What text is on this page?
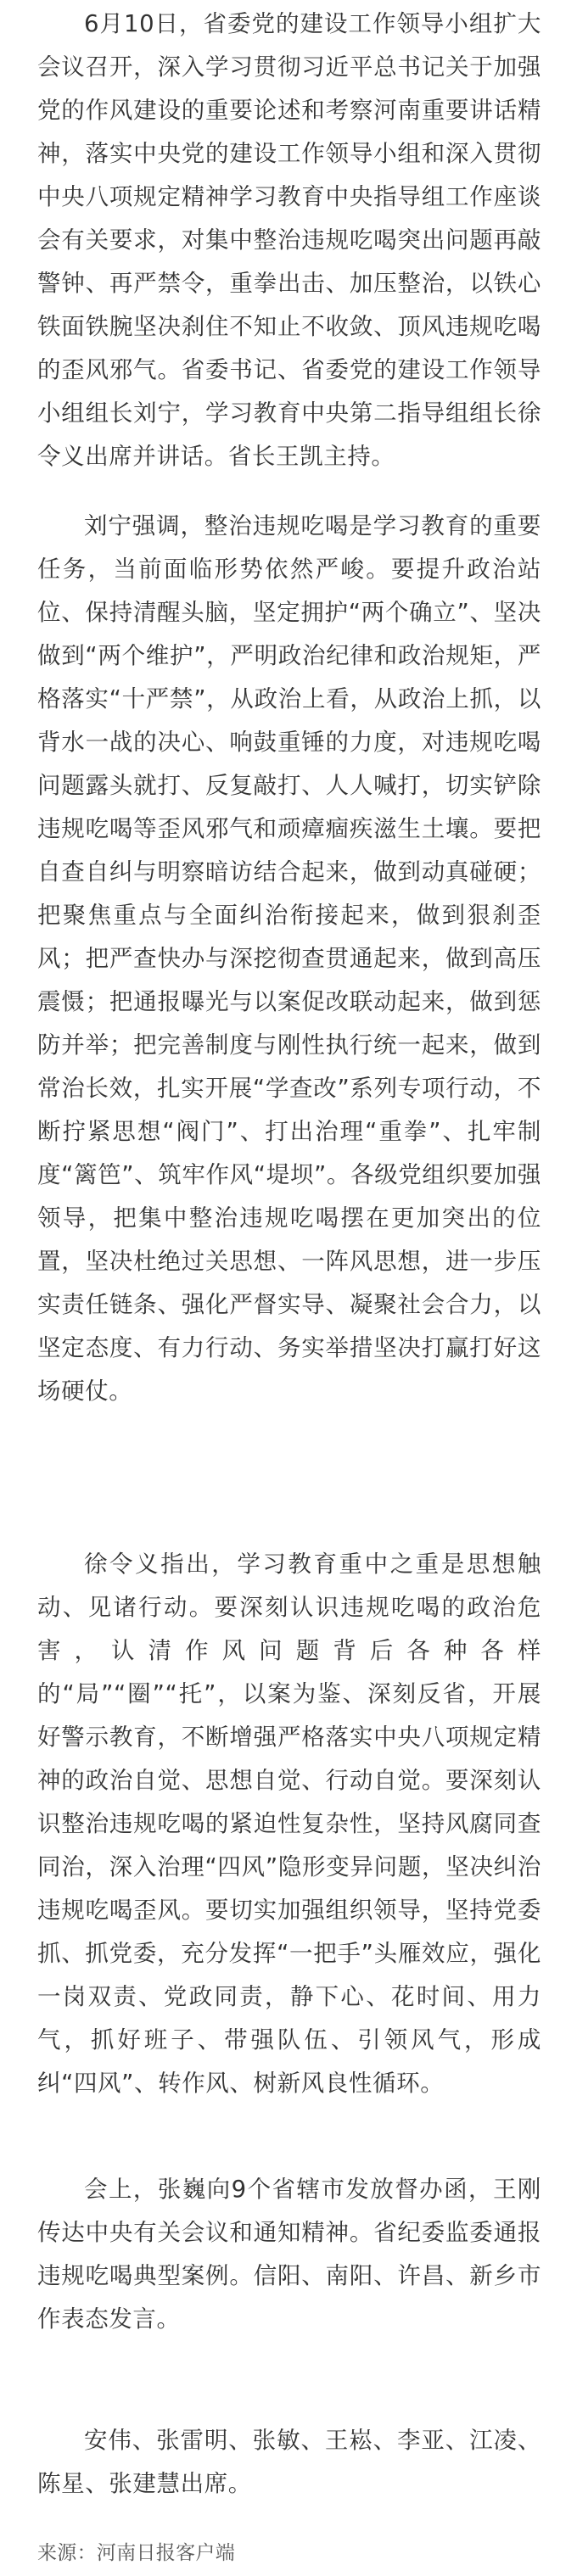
6月10日，省委党的建设工作领导小组扩大会议召开，深入学习贯彻习近平总书记关于加强党的作风建设的重要论述和考察河南重要讲话精神，落实中央党的建设工作领导小组和深入贯彻中央八项规定精神学习教育中央指导组工作座谈会有关要求，对集中整治违规吃喝突出问题再敲警钟、再严禁令，重拳出击、加压整治，以铁心铁面铁腕坚决刹住不知止不收敛、顶风违规吃喝的歪风邪气。省委书记、省委党的建设工作领导小组组长刘宁，学习教育中央第二指导组组长徐令义出席并讲话。省长王凯主持。

刘宁强调，整治违规吃喝是学习教育的重要任务，当前面临形势依然严峻。要提升政治站位、保持清醒头脑，坚定拥护“两个确立”、坚决做到“两个维护”，严明政治纪律和政治规矩，严格落实“十严禁”，从政治上看，从政治上抓，以背水一战的决心、响鼓重锤的力度，对违规吃喝问题露头就打、反复敲打、人人喊打，切实铲除违规吃喝等歪风邪气和顽瘴痼疾滋生土壤。要把自查自纠与明察暗访结合起来，做到动真碰硬；把聚焦重点与全面纠治衔接起来，做到狠刹歪风；把严查快办与深挖彻查贯通起来，做到高压震慑；把通报曝光与以案促改联动起来，做到惩防并举；把完善制度与刚性执行统一起来，做到常治长效，扎实开展“学查改”系列专项行动，不断拧紧思想“阀门”、打出治理“重拳”、扎牢制度“篱笆”、筑牢作风“堤坝”。各级党组织要加强领导，把集中整治违规吃喝摆在更加突出的位置，坚决杜绝过关思想、一阵风思想，进一步压实责任链条、强化严督实导、凝聚社会合力，以坚定态度、有力行动、务实举措坚决打赢打好这场硬仗。

徐令义指出，学习教育重中之重是思想触动、见诸行动。要深刻认识违规吃喝的政治危害，认清作风问题背后各种各样的“局”“圈”“托”，以案为鉴、深刻反省，开展好警示教育，不断增强严格落实中央八项规定精神的政治自觉、思想自觉、行动自觉。要深刻认识整治违规吃喝的紧迫性复杂性，坚持风腐同查同治，深入治理“四风”隐形变异问题，坚决纠治违规吃喝歪风。要切实加强组织领导，坚持党委抓、抓党委，充分发挥“一把手”头雁效应，强化一岗双责、党政同责，静下心、花时间、用力气，抓好班子、带强队伍、引领风气，形成纠“四风”、转作风、树新风良性循环。

会上，张巍向9个省辖市发放督办函，王刚传达中央有关会议和通知精神。省纪委监委通报违规吃喝典型案例。信阳、南阳、许昌、新乡市作表态发言。

安伟、张雷明、张敏、王崧、李亚、江凌、陈星、张建慧出席。

来源：河南日报客户端
